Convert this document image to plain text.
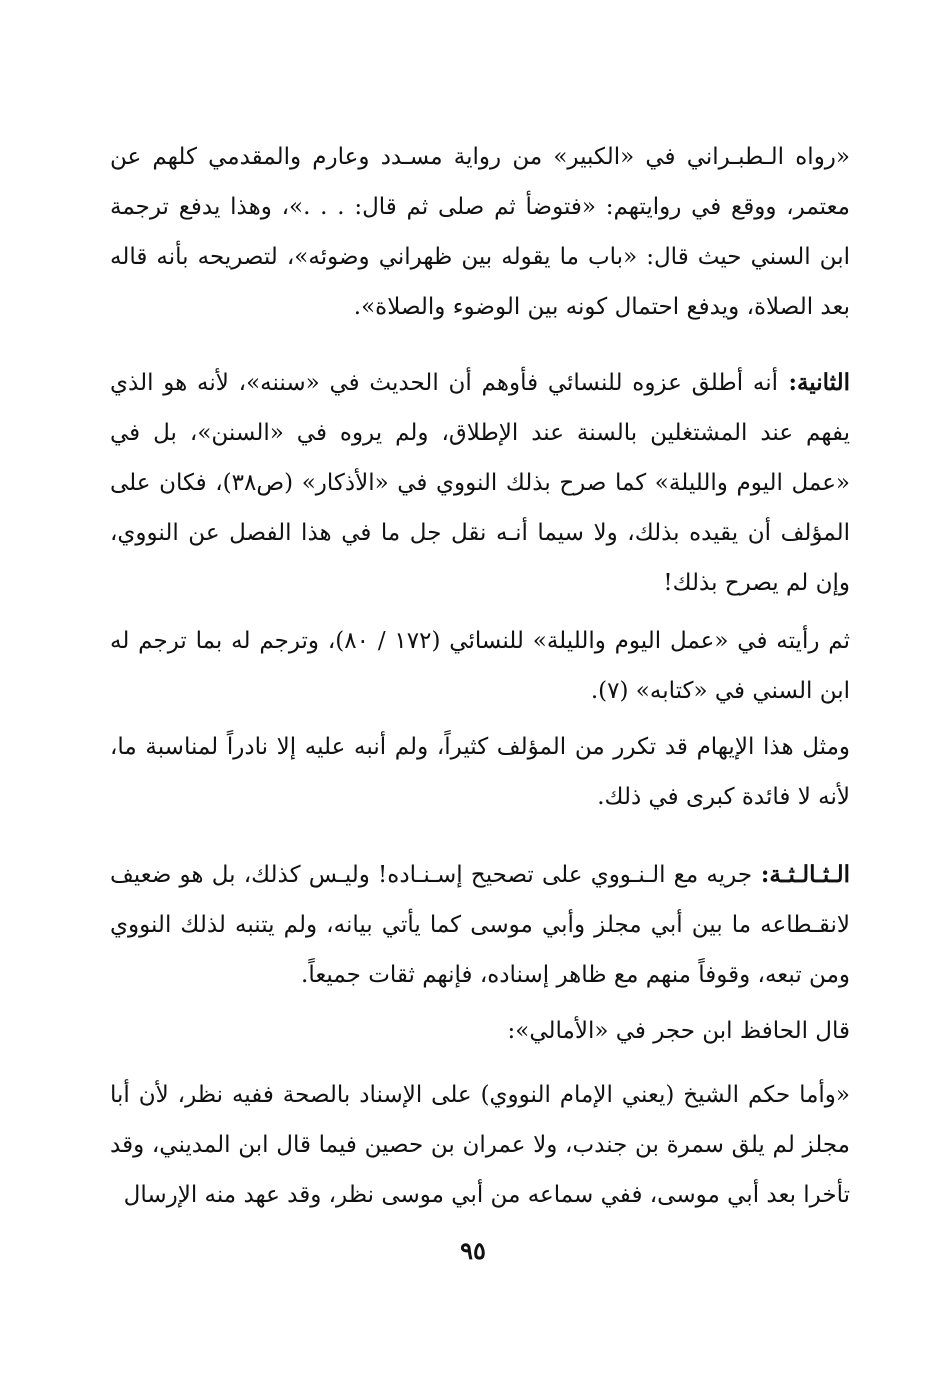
«رواه الـطبـراني في «الكبير» من رواية مسـدد وعارم والمقدمي كلهم عن معتمر، ووقع في روايتهم: «فتوضأ ثم صلى ثم قال: . . .»، وهذا يدفع ترجمة ابن السني حيث قال: «باب ما يقوله بين ظهراني وضوئه»، لتصريحه بأنه قاله بعد الصلاة، ويدفع احتمال كونه بين الوضوء والصلاة».

الثانية: أنه أطلق عزوه للنسائي فأوهم أن الحديث في «سننه»، لأنه هو الذي يفهم عند المشتغلين بالسنة عند الإطلاق، ولم يروه في «السنن»، بل في «عمل اليوم والليلة» كما صرح بذلك النووي في «الأذكار» (ص٣٨)، فكان على المؤلف أن يقيده بذلك، ولا سيما أنـه نقل جل ما في هذا الفصل عن النووي، وإن لم يصرح بذلك!

ثم رأيته في «عمل اليوم والليلة» للنسائي (١٧٢ / ٨٠)، وترجم له بما ترجم له ابن السني في «كتابه» (٧).

ومثل هذا الإيهام قد تكرر من المؤلف كثيراً، ولم أنبه عليه إلا نادراً لمناسبة ما، لأنه لا فائدة كبرى في ذلك.

الـثـالـثـة: جريه مع الـنـووي على تصحيح إسـنـاده! وليـس كذلك، بل هو ضعيف لانقـطاعه ما بين أبي مجلز وأبي موسى كما يأتي بيانه، ولم يتنبه لذلك النووي ومن تبعه، وقوفاً منهم مع ظاهر إسناده، فإنهم ثقات جميعاً.

قال الحافظ ابن حجر في «الأمالي»:

«وأما حكم الشيخ (يعني الإمام النووي) على الإسناد بالصحة ففيه نظر، لأن أبا مجلز لم يلق سمرة بن جندب، ولا عمران بن حصين فيما قال ابن المديني، وقد تأخرا بعد أبي موسى، ففي سماعه من أبي موسى نظر، وقد عهد منه الإرسال

٩٥
